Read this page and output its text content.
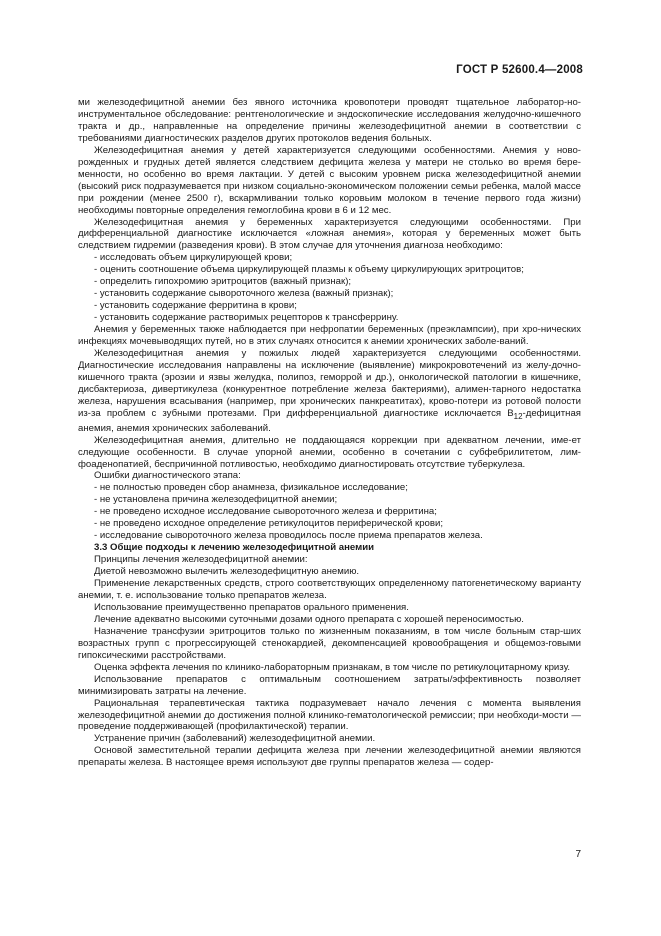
ГОСТ Р 52600.4—2008

ми железодефицитной анемии без явного источника кровопотери проводят тщательное лаборатор-но-инструментальное обследование: рентгенологические и эндоскопические исследования желудочно-кишечного тракта и др., направленные на определение причины железодефицитной анемии в соответствии с требованиями диагностических разделов других протоколов ведения больных.

Железодефицитная анемия у детей характеризуется следующими особенностями. Анемия у ново-рожденных и грудных детей является следствием дефицита железа у матери не столько во время бере-менности, но особенно во время лактации. У детей с высоким уровнем риска железодефицитной анемии (высокий риск подразумевается при низком социально-экономическом положении семьи ребенка, малой массе при рождении (менее 2500 г), вскармливании только коровьим молоком в течение первого года жизни) необходимы повторные определения гемоглобина крови в 6 и 12 мес.

Железодефицитная анемия у беременных характеризуется следующими особенностями. При дифференциальной диагностике исключается «ложная анемия», которая у беременных может быть следствием гидремии (разведения крови). В этом случае для уточнения диагноза необходимо:

- исследовать объем циркулирующей крови;

- оценить соотношение объема циркулирующей плазмы к объему циркулирующих эритроцитов;

- определить гипохромию эритроцитов (важный признак);

- установить содержание сывороточного железа (важный признак);

- установить содержание ферритина в крови;

- установить содержание растворимых рецепторов к трансферрину.

Анемия у беременных также наблюдается при нефропатии беременных (преэклампсии), при хро-нических инфекциях мочевыводящих путей, но в этих случаях относится к анемии хронических заболе-ваний.

Железодефицитная анемия у пожилых людей характеризуется следующими особенностями. Диагностические исследования направлены на исключение (выявление) микрокровотечений из желу-дочно-кишечного тракта (эрозии и язвы желудка, полипоз, геморрой и др.), онкологической патологии в кишечнике, дисбактериоза, дивертикулеза (конкурентное потребление железа бактериями), алимен-тарного недостатка железа, нарушения всасывания (например, при хронических панкреатитах), крово-потери из ротовой полости из-за проблем с зубными протезами. При дифференциальной диагностике исключается $B_{12}$-дефицитная анемия, анемия хронических заболеваний.

Железодефицитная анемия, длительно не поддающаяся коррекции при адекватном лечении, име-ет следующие особенности. В случае упорной анемии, особенно в сочетании с субфебрилитетом, лим-фоаденопатией, беспричинной потливостью, необходимо диагностировать отсутствие туберкулеза.

Ошибки диагностического этапа:

- не полностью проведен сбор анамнеза, физикальное исследование;

- не установлена причина железодефицитной анемии;

- не проведено исходное исследование сывороточного железа и ферритина;

- не проведено исходное определение ретикулоцитов периферической крови;

- исследование сывороточного железа проводилось после приема препаратов железа.

3.3 Общие подходы к лечению железодефицитной анемии

Принципы лечения железодефицитной анемии:

Диетой невозможно вылечить железодефицитную анемию.

Применение лекарственных средств, строго соответствующих определенному патогенетическому варианту анемии, т. е. использование только препаратов железа.

Использование преимущественно препаратов орального применения.

Лечение адекватно высокими суточными дозами одного препарата с хорошей переносимостью.

Назначение трансфузии эритроцитов только по жизненным показаниям, в том числе больным стар-ших возрастных групп с прогрессирующей стенокардией, декомпенсацией кровообращения и общемоз-говыми гипоксическими расстройствами.

Оценка эффекта лечения по клинико-лабораторным признакам, в том числе по ретикулоцитарному кризу.

Использование препаратов с оптимальным соотношением затраты/эффективность позволяет минимизировать затраты на лечение.

Рациональная терапевтическая тактика подразумевает начало лечения с момента выявления железодефицитной анемии до достижения полной клинико-гематологической ремиссии; при необходи-мости — проведение поддерживающей (профилактической) терапии.

Устранение причин (заболеваний) железодефицитной анемии.

Основой заместительной терапии дефицита железа при лечении железодефицитной анемии являются препараты железа. В настоящее время используют две группы препаратов железа — содер-

7
